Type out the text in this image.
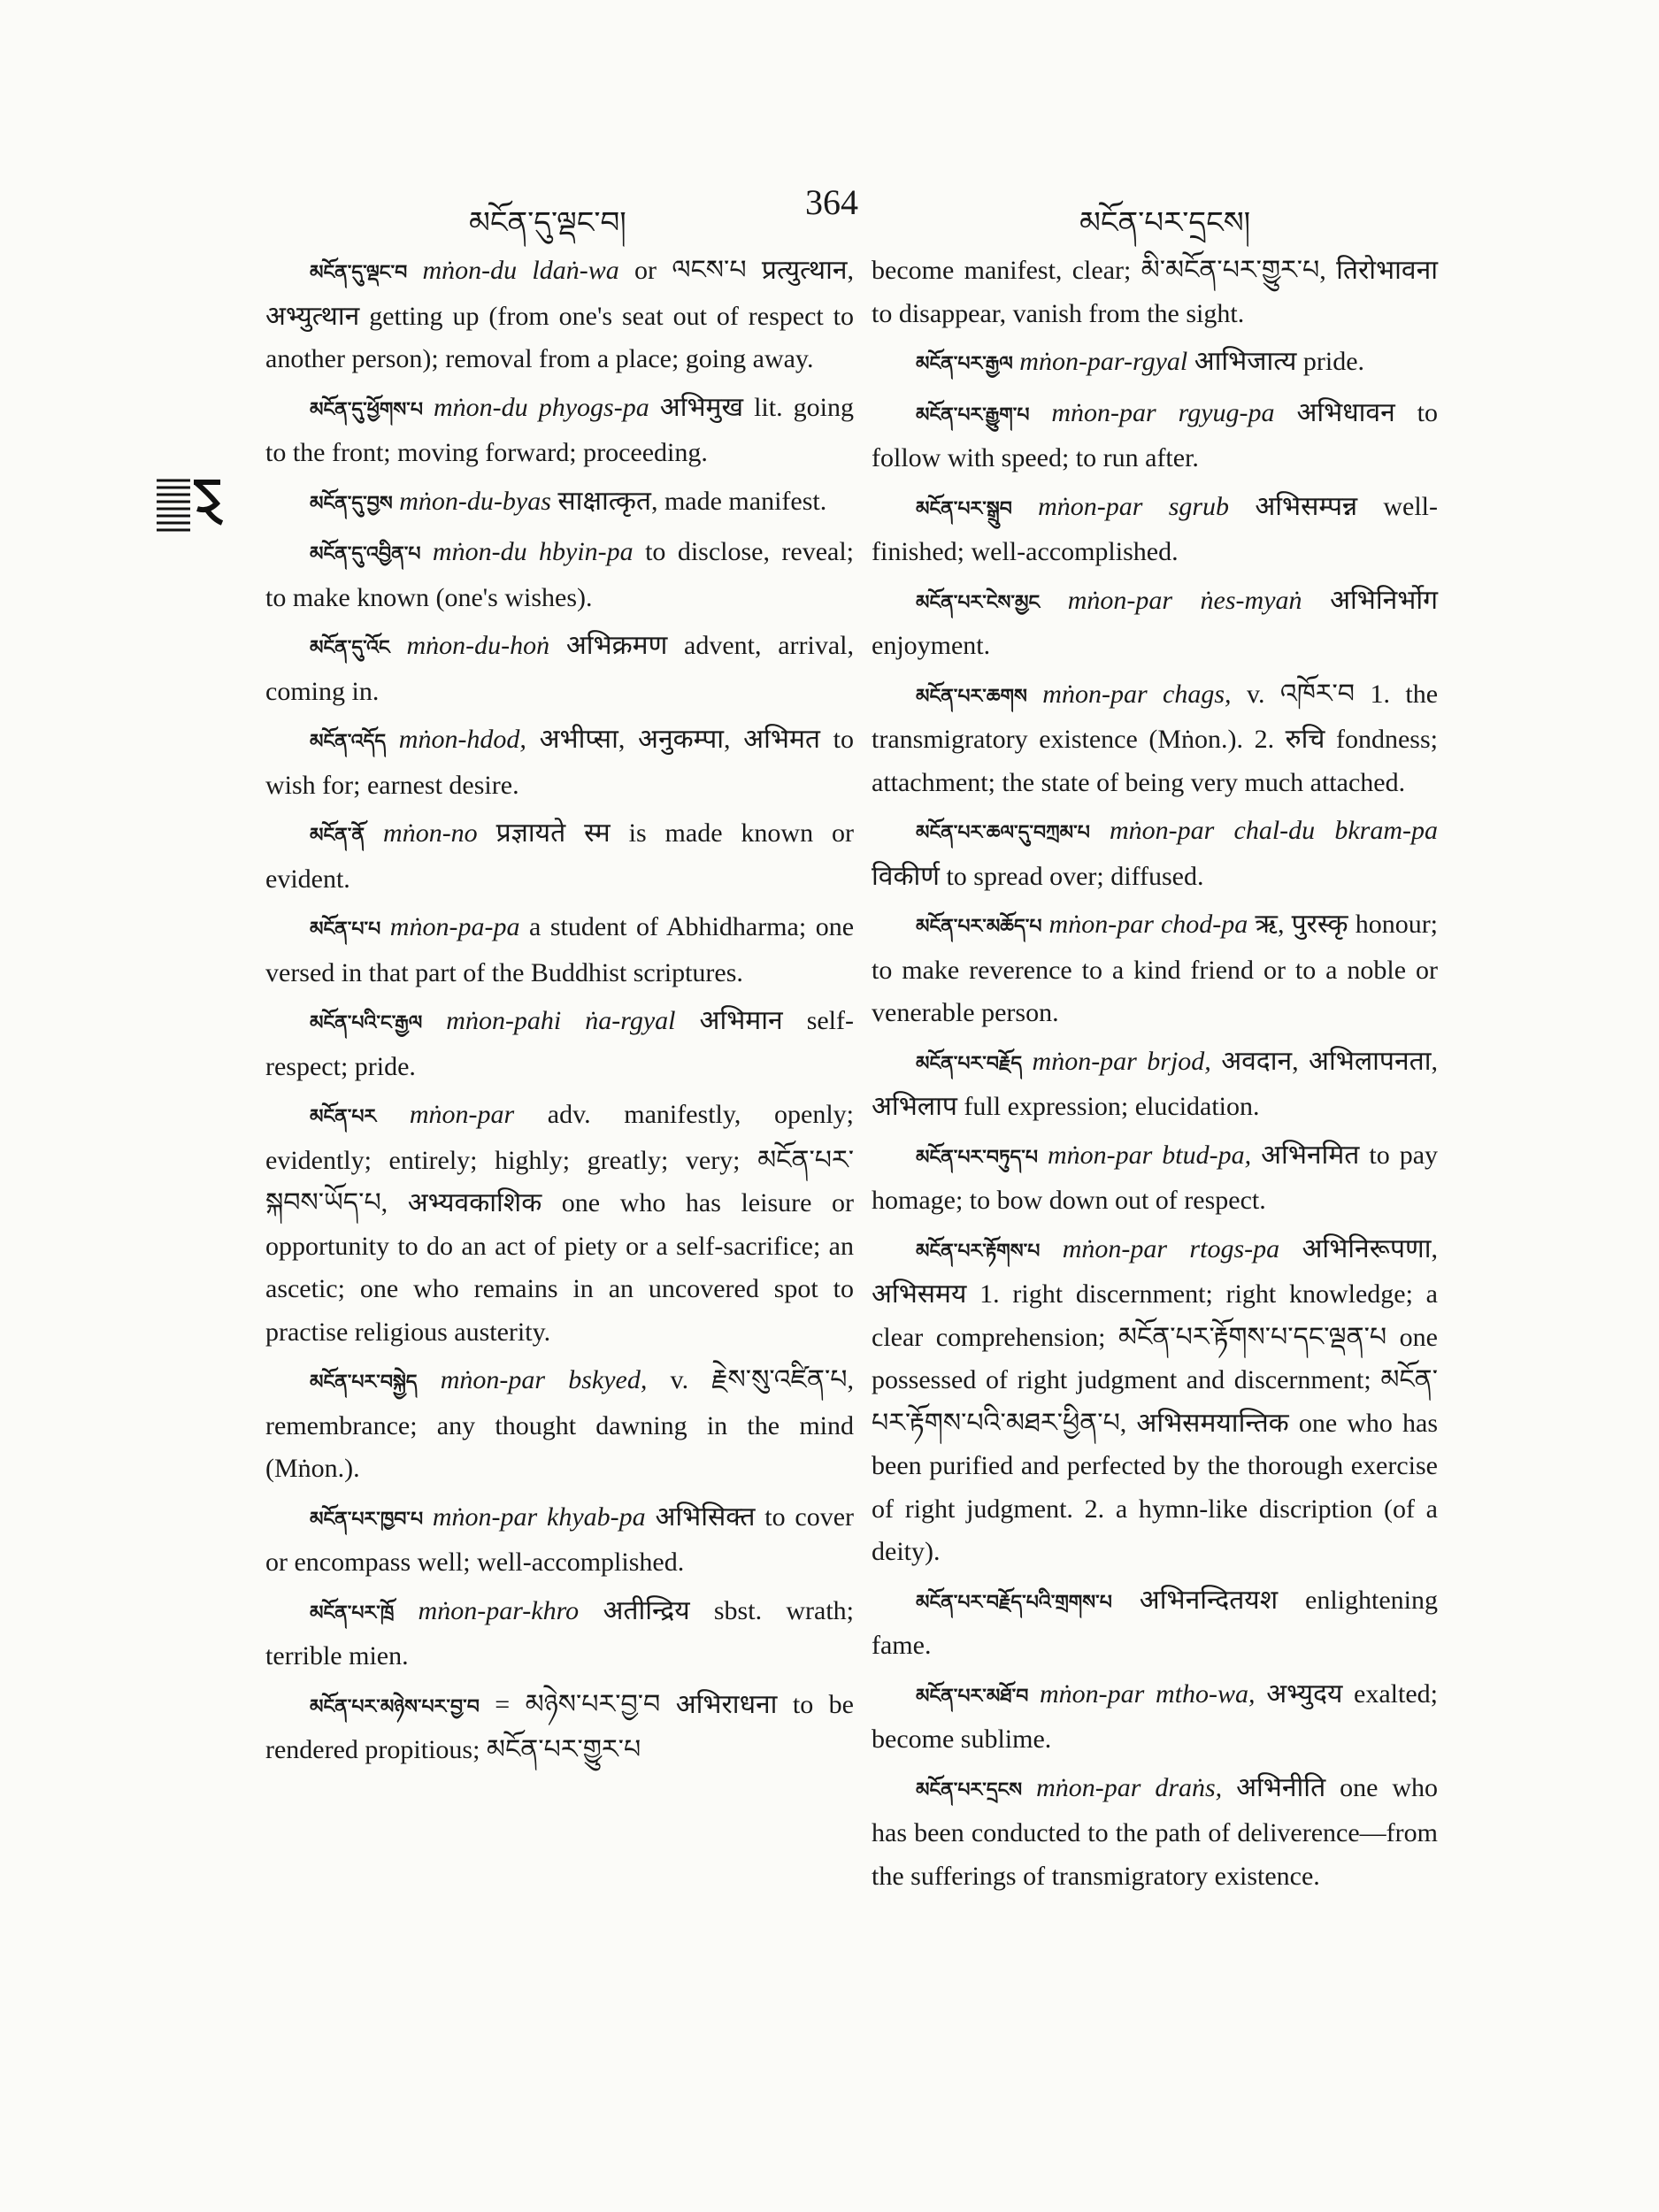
མངོན་དུ་ལྡང་བ།
364
མངོན་པར་དྲངས།

མངོན་དུ་ལྡང་བ mṅon-du ldaṅ-wa or ལངས་པ प्रत्युत्थान, अभ्युत्थान getting up (from one's seat out of respect to another person); removal from a place; going away.

མངོན་དུ་ཕྱོགས་པ mṅon-du phyogs-pa अभिमुख lit. going to the front; moving forward; proceeding.

མངོན་དུ་བྱས mṅon-du-byas साक्षात्कृत, made manifest.

མངོན་དུ་འབྱིན་པ mṅon-du hbyin-pa to disclose, reveal; to make known (one's wishes).

མངོན་དུ་འོང mṅon-du-hoṅ अभिक्रमण advent, arrival, coming in.

མངོན་འདོད mṅon-hdod, अभीप्सा, अनुकम्पा, अभिमत to wish for; earnest desire.

མངོན་ནོ mṅon-no प्रज्ञायते स्म is made known or evident.

མངོན་པ་པ mṅon-pa-pa a student of Abhidharma; one versed in that part of the Buddhist scriptures.

མངོན་པའི་ང་རྒྱལ mṅon-pahi ṅa-rgyal अभिमान self-respect; pride.

མངོན་པར mṅon-par adv. manifestly, openly; evidently; entirely; highly; greatly; very; མངོན་པར་སྐབས་ཡོད་པ, अभ्यवकाशिक one who has leisure or opportunity to do an act of piety or a self-sacrifice; an ascetic; one who remains in an uncovered spot to practise religious austerity.

མངོན་པར་བསྐྱེད mṅon-par bskyed, v. རྗེས་སུ་འཛིན་པ, remembrance; any thought dawning in the mind (Mṅon.).

མངོན་པར་ཁྱབ་པ mṅon-par khyab-pa अभिसिक्त to cover or encompass well; well-accomplished.

མངོན་པར་ཁྲོ mṅon-par-khro अतीन्द्रिय sbst. wrath; terrible mien.

མངོན་པར་མཉེས་པར་བྱ་བ = མཉེས་པར་བྱ་བ अभिराधना to be rendered propitious; མངོན་པར་གྱུར་པ

become manifest, clear; མི་མངོན་པར་གྱུར་པ, तिरोभावना to disappear, vanish from the sight.

མངོན་པར་རྒྱལ mṅon-par-rgyal आभिजात्य pride.

མངོན་པར་རྒྱུག་པ mṅon-par rgyug-pa अभिधावन to follow with speed; to run after.

མངོན་པར་སྒྲུབ mṅon-par sgrub अभिसम्पन्न well-finished; well-accomplished.

མངོན་པར་ངེས་མྱང mṅon-par ṅes-myaṅ अभिनिर्भोग enjoyment.

མངོན་པར་ཆགས mṅon-par chags, v. འཁོར་བ 1. the transmigratory existence (Mṅon.). 2. रुचि fondness; attachment; the state of being very much attached.

མངོན་པར་ཆལ་དུ་བཀྲམ་པ mṅon-par chal-du bkram-pa विकीर्ण to spread over; diffused.

མངོན་པར་མཆོད་པ mṅon-par chod-pa ऋ, पुरस्कृ honour; to make reverence to a kind friend or to a noble or venerable person.

མངོན་པར་བརྗོད mṅon-par brjod, अवदान, अभिलापनता, अभिलाप full expression; elucidation.

མངོན་པར་བཏུད་པ mṅon-par btud-pa, अभिनमित to pay homage; to bow down out of respect.

མངོན་པར་རྟོགས་པ mṅon-par rtogs-pa अभिनिरूपणा, अभिसमय 1. right discernment; right knowledge; a clear comprehension; མངོན་པར་རྟོགས་པ་དང་ལྡན་པ one possessed of right judgment and discernment; མངོན་པར་རྟོགས་པའི་མཐར་ཕྱིན་པ, अभिसमयान्तिक one who has been purified and perfected by the thorough exercise of right judgment. 2. a hymn-like discription (of a deity).

མངོན་པར་བརྗོད་པའི་གྲགས་པ अभिनन्दितयश enlightening fame.

མངོན་པར་མཐོ་བ mṅon-par mtho-wa, अभ्युदय exalted; become sublime.

མངོན་པར་དྲངས mṅon-par draṅs, अभिनीति one who has been conducted to the path of deliverence—from the sufferings of transmigratory existence.
